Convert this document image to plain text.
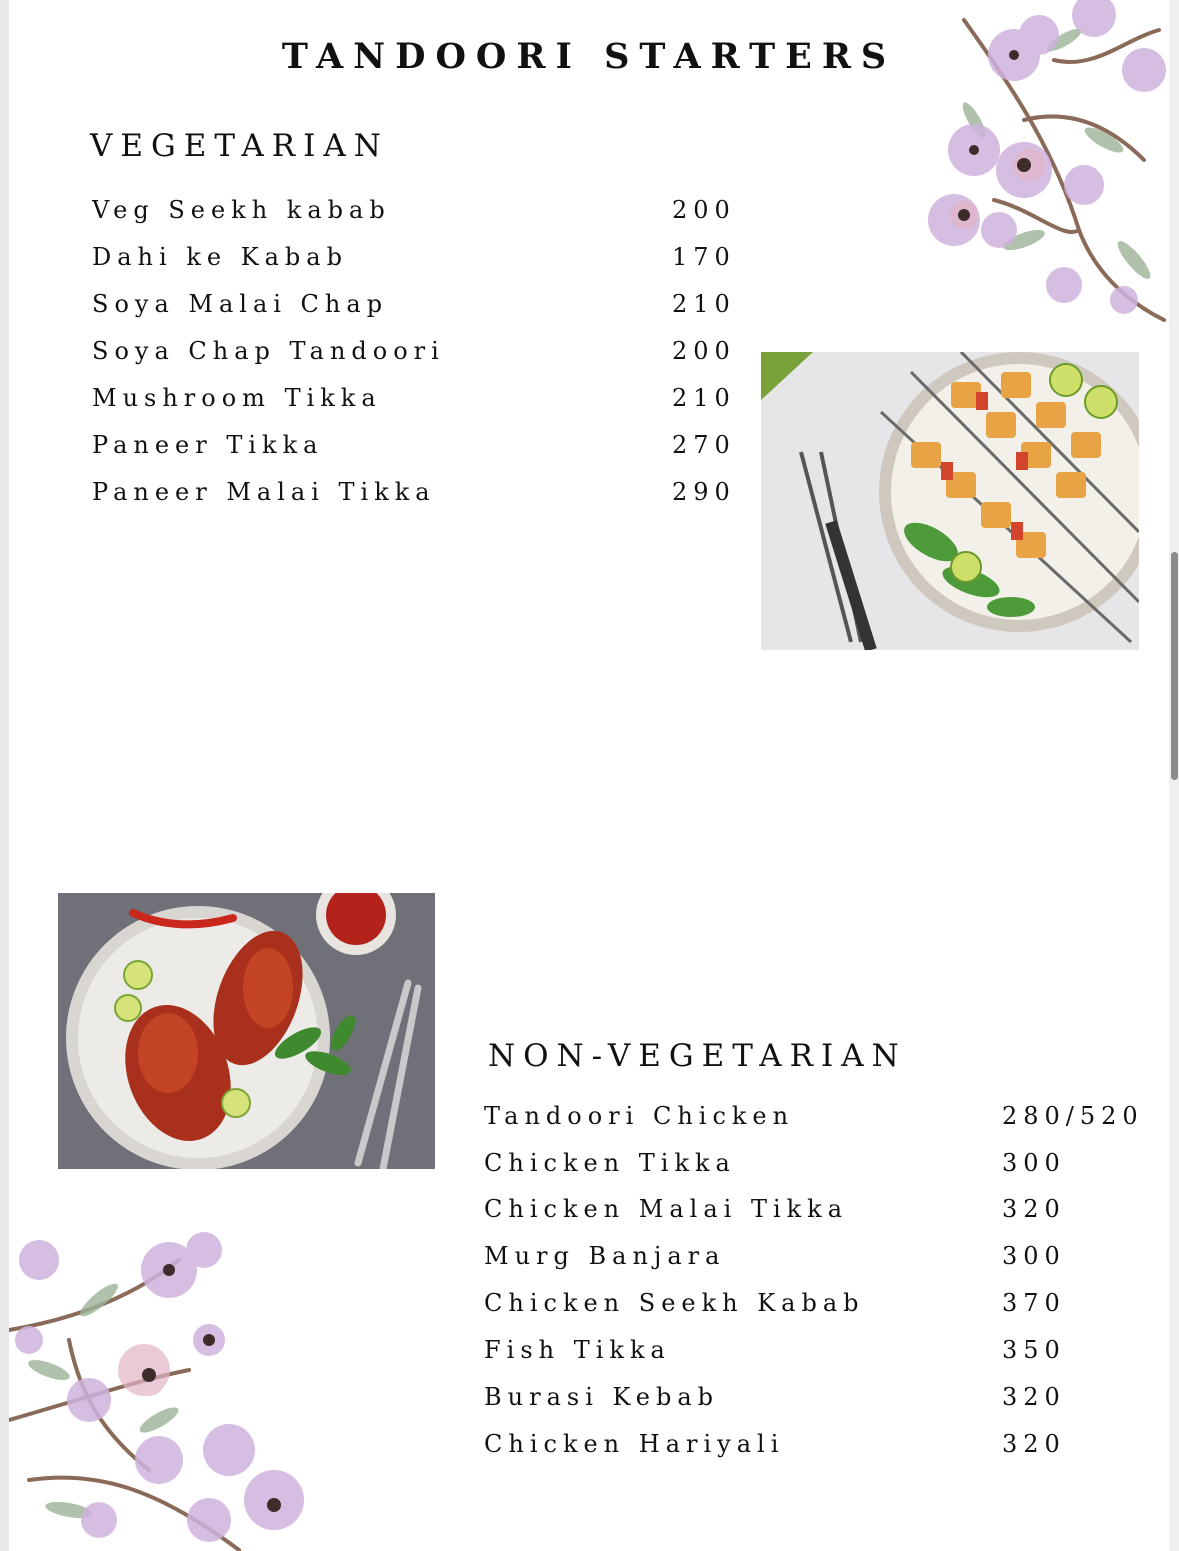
TANDOORI STARTERS
VEGETARIAN
Veg Seekh kabab	200
Dahi ke Kabab	170
Soya Malai Chap	210
Soya Chap Tandoori	200
Mushroom Tikka	210
Paneer Tikka	270
Paneer Malai Tikka	290
NON-VEGETARIAN
Tandoori Chicken	280/520
Chicken Tikka	300
Chicken Malai Tikka	320
Murg Banjara	300
Chicken Seekh Kabab	370
Fish Tikka	350
Burasi Kebab	320
Chicken Hariyali	320
